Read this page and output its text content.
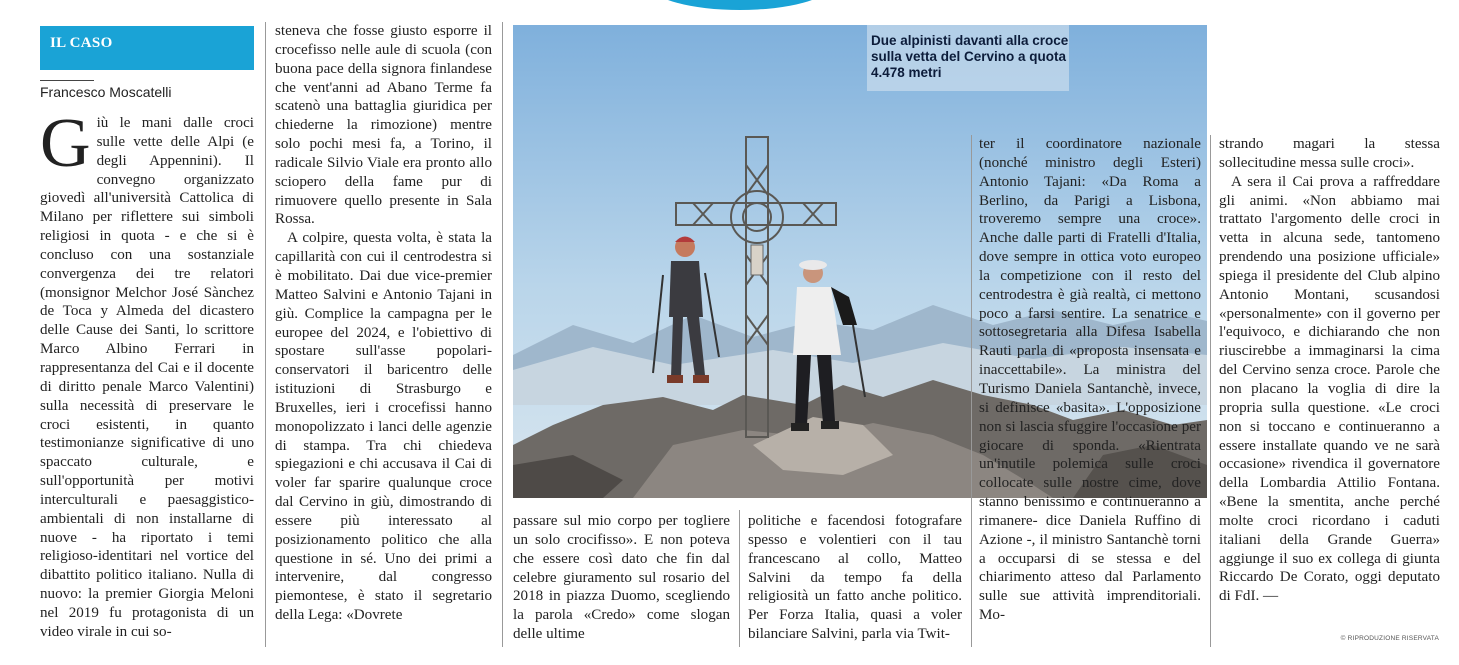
IL CASO
Francesco Moscatelli

Giù le mani dalle croci sulle vette delle Alpi (e degli Appennini). Il convegno organizzato giovedì all'università Cattolica di Milano per riflettere sui simboli religiosi in quota - e che si è concluso con una sostanziale convergenza dei tre relatori (monsignor Melchor José Sànchez de Toca y Almeda del dicastero delle Cause dei Santi, lo scrittore Marco Albino Ferrari in rappresentanza del Cai e il docente di diritto penale Marco Valentini) sulla necessità di preservare le croci esistenti, in quanto testimonianze significative di uno spaccato culturale, e sull'opportunità per motivi interculturali e paesaggistico-ambientali di non installarne di nuove - ha riportato i temi religioso-identitari nel vortice del dibattito politico italiano. Nulla di nuovo: la premier Giorgia Meloni nel 2019 fu protagonista di un video virale in cui so-

steneva che fosse giusto esporre il crocefisso nelle aule di scuola (con buona pace della signora finlandese che vent'anni ad Abano Terme fa scatenò una battaglia giuridica per chiederne la rimozione) mentre solo pochi mesi fa, a Torino, il radicale Silvio Viale era pronto allo sciopero della fame pur di rimuovere quello presente in Sala Rossa.

A colpire, questa volta, è stata la capillarità con cui il centrodestra si è mobilitato. Dai due vice-premier Matteo Salvini e Antonio Tajani in giù. Complice la campagna per le europee del 2024, e l'obiettivo di spostare sull'asse popolari-conservatori il baricentro delle istituzioni di Strasburgo e Bruxelles, ieri i crocefissi hanno monopolizzato i lanci delle agenzie di stampa. Tra chi chiedeva spiegazioni e chi accusava il Cai di voler far sparire qualunque croce dal Cervino in giù, dimostrando di essere più interessato al posizionamento politico che alla questione in sé. Uno dei primi a intervenire, dal congresso piemontese, è stato il segretario della Lega: «Dovrete

Due alpinisti davanti alla croce sulla vetta del Cervino a quota 4.478 metri

passare sul mio corpo per togliere un solo crocifisso». E non poteva che essere così dato che fin dal celebre giuramento sul rosario del 2018 in piazza Duomo, scegliendo la parola «Credo» come slogan delle ultime

politiche e facendosi fotografare spesso e volentieri con il tau francescano al collo, Matteo Salvini da tempo fa della religiosità un fatto anche politico. Per Forza Italia, quasi a voler bilanciare Salvini, parla via Twit-

ter il coordinatore nazionale (nonché ministro degli Esteri) Antonio Tajani: «Da Roma a Berlino, da Parigi a Lisbona, troveremo sempre una croce». Anche dalle parti di Fratelli d'Italia, dove sempre in ottica voto europeo la competizione con il resto del centrodestra è già realtà, ci mettono poco a farsi sentire. La senatrice e sottosegretaria alla Difesa Isabella Rauti parla di «proposta insensata e inaccettabile». La ministra del Turismo Daniela Santanchè, invece, si definisce «basita». L'opposizione non si lascia sfuggire l'occasione per giocare di sponda. «Rientrata un'inutile polemica sulle croci collocate sulle nostre cime, dove stanno benissimo e continueranno a rimanere- dice Daniela Ruffino di Azione -, il ministro Santanchè torni a occuparsi di se stessa e del chiarimento atteso dal Parlamento sulle sue attività imprenditoriali. Mo-

strando magari la stessa sollecitudine messa sulle croci».

A sera il Cai prova a raffreddare gli animi. «Non abbiamo mai trattato l'argomento delle croci in vetta in alcuna sede, tantomeno prendendo una posizione ufficiale» spiega il presidente del Club alpino Antonio Montani, scusandosi «personalmente» con il governo per l'equivoco, e dichiarando che non riuscirebbe a immaginarsi la cima del Cervino senza croce. Parole che non placano la voglia di dire la propria sulla questione. «Le croci non si toccano e continueranno a essere installate quando ve ne sarà occasione» rivendica il governatore della Lombardia Attilio Fontana. «Bene la smentita, anche perché molte croci ricordano i caduti italiani della Grande Guerra» aggiunge il suo ex collega di giunta Riccardo De Corato, oggi deputato di FdI. —

© RIPRODUZIONE RISERVATA
